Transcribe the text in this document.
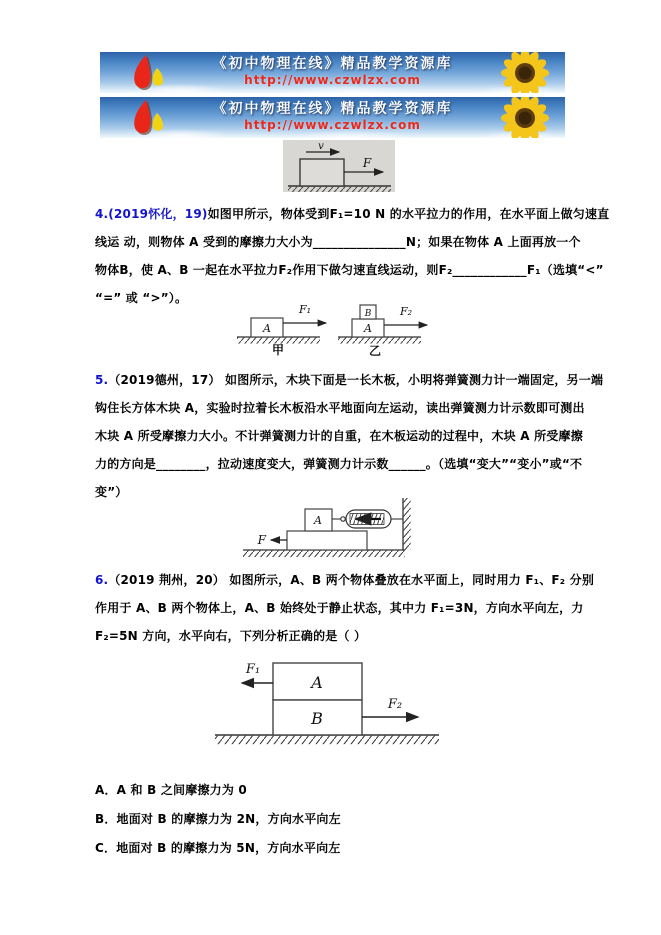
《初中物理在线》精品教学资源库
http://www.czwlzx.com
《初中物理在线》精品教学资源库
http://www.czwlzx.com
v
F
4.(2019怀化，19)如图甲所示，物体受到F₁=10 N 的水平拉力的作用，在水平面上做匀速直
线运 动，则物体 A 受到的摩擦力大小为_______________N；如果在物体 A 上面再放一个
物体B，使 A、B 一起在水平拉力F₂作用下做匀速直线运动，则F₂____________F₁（选填“<”
“=” 或 “>”）。
A
F₁
甲
A
B	F₂
乙
5.（2019德州，17） 如图所示，木块下面是一长木板，小明将弹簧测力计一端固定，另一端
钩住长方体木块 A，实验时拉着长木板沿水平地面向左运动，读出弹簧测力计示数即可测出
木块 A 所受摩擦力大小。不计弹簧测力计的自重，在木板运动的过程中，木块 A 所受摩擦
力的方向是________，拉动速度变大，弹簧测力计示数______。（选填“变大”“变小”或“不
变”）
A
F
6.（2019 荆州，20） 如图所示，A、B 两个物体叠放在水平面上，同时用力 F₁、F₂ 分别
作用于 A、B 两个物体上，A、B 始终处于静止状态，其中力 F₁=3N，方向水平向左，力
F₂=5N 方向，水平向右，下列分析正确的是（ ）
A
B
F₁
F₂
A．A 和 B 之间摩擦力为 0
B．地面对 B 的摩擦力为 2N，方向水平向左
C．地面对 B 的摩擦力为 5N，方向水平向左
